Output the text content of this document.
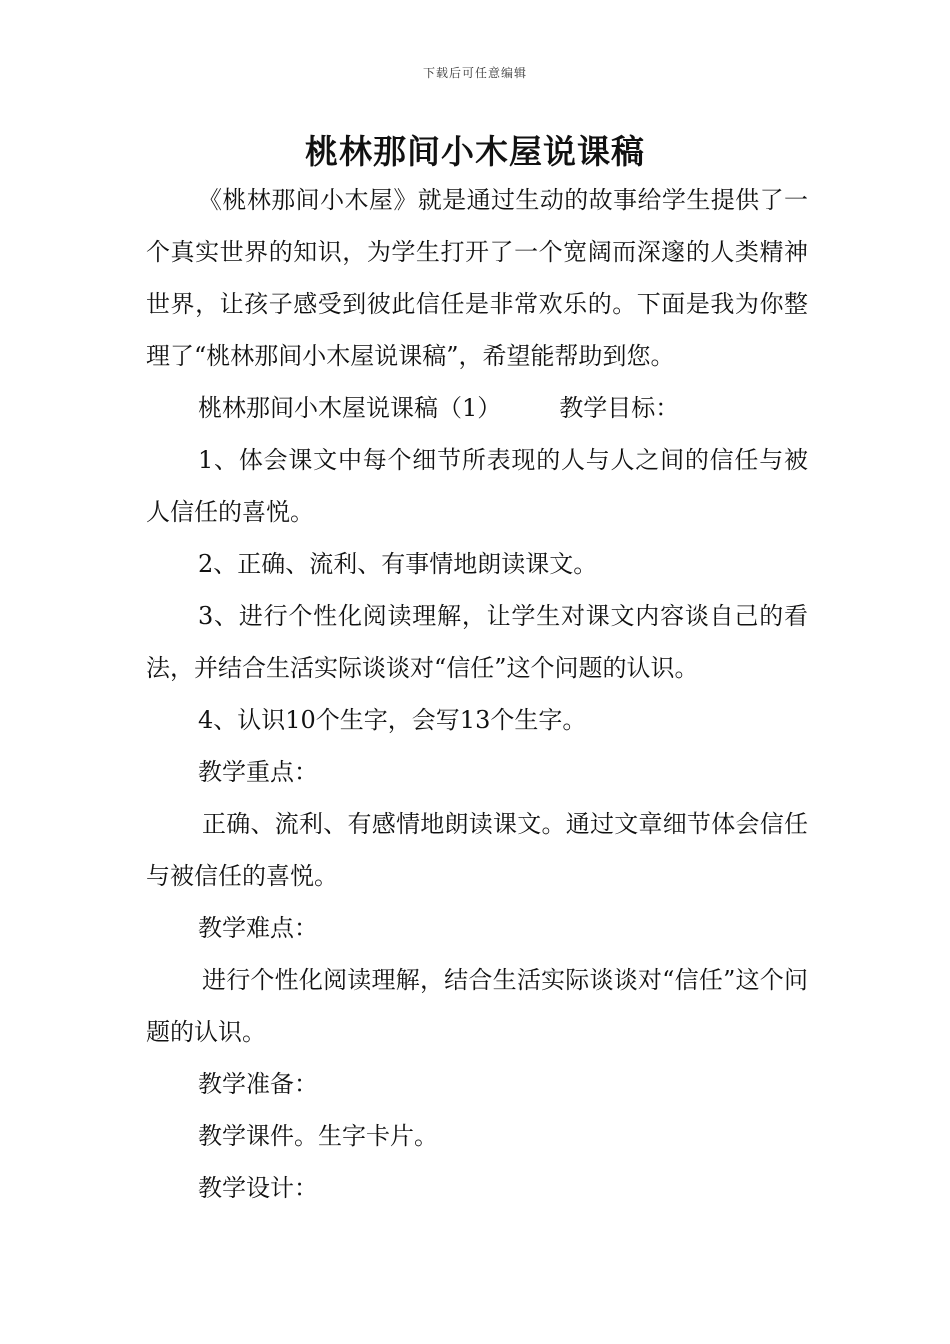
下载后可任意编辑
桃林那间小木屋说课稿

《桃林那间小木屋》就是通过生动的故事给学生提供了一个真实世界的知识，为学生打开了一个宽阔而深邃的人类精神世界，让孩子感受到彼此信任是非常欢乐的。下面是我为你整理了“桃林那间小木屋说课稿”，希望能帮助到您。

桃林那间小木屋说课稿（1） 教学目标：

1、体会课文中每个细节所表现的人与人之间的信任与被人信任的喜悦。

2、正确、流利、有事情地朗读课文。

3、进行个性化阅读理解，让学生对课文内容谈自己的看法，并结合生活实际谈谈对“信任”这个问题的认识。

4、认识10个生字，会写13个生字。

教学重点：

正确、流利、有感情地朗读课文。通过文章细节体会信任与被信任的喜悦。

教学难点：

进行个性化阅读理解，结合生活实际谈谈对“信任”这个问题的认识。

教学准备：

教学课件。生字卡片。

教学设计：
